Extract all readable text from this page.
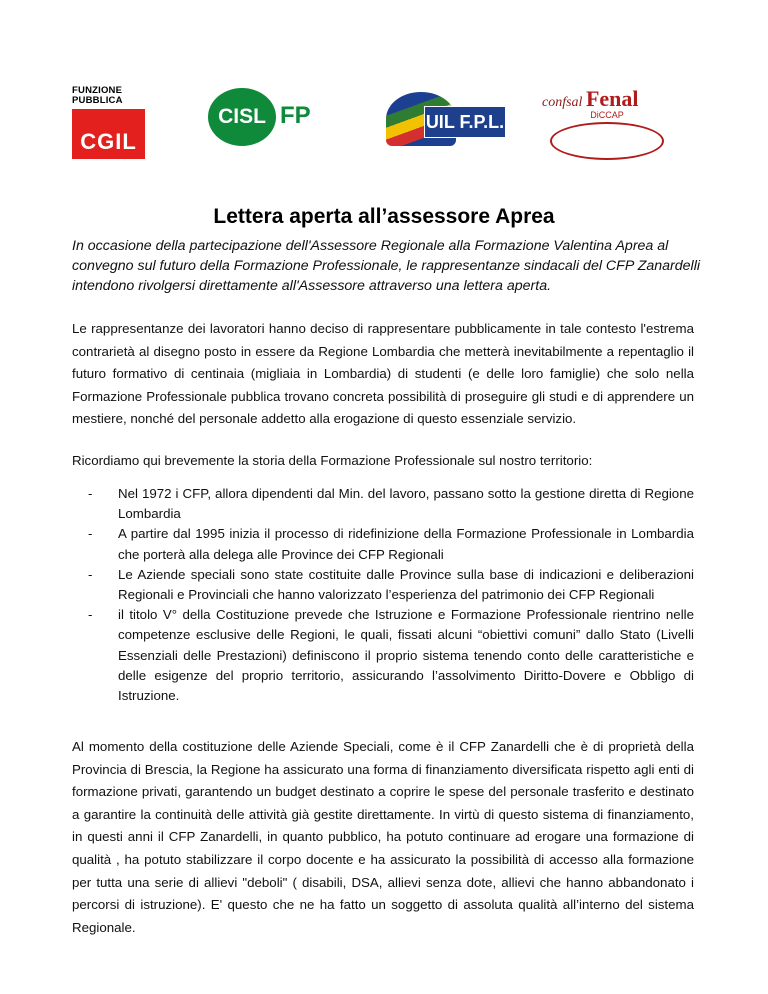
FUNZIONE
PUBBLICA
CGIL
CISL FP	UIL F.P.L.
confsal Fenal
DiCCAP
Lettera aperta all’assessore Aprea
In occasione della partecipazione dell'Assessore Regionale alla Formazione Valentina Aprea al convegno sul futuro della Formazione Professionale, le rappresentanze sindacali del CFP Zanardelli intendono rivolgersi direttamente all'Assessore attraverso una lettera aperta.
Le rappresentanze dei lavoratori hanno deciso di rappresentare pubblicamente in tale contesto l'estrema contrarietà al disegno posto in essere da Regione Lombardia che metterà inevitabilmente a repentaglio il futuro formativo di centinaia (migliaia in Lombardia) di studenti (e delle loro famiglie) che solo nella Formazione Professionale pubblica trovano concreta possibilità di proseguire gli studi e di apprendere un mestiere, nonché del personale addetto alla erogazione di questo essenziale servizio.
Ricordiamo qui brevemente la storia della Formazione Professionale sul nostro territorio:
- Nel 1972 i CFP, allora dipendenti dal Min. del lavoro, passano sotto la gestione diretta di Regione Lombardia
- A partire dal 1995 inizia il processo di ridefinizione della Formazione Professionale in Lombardia che porterà alla delega alle Province dei CFP Regionali
- Le Aziende speciali sono state costituite dalle Province sulla base di indicazioni e deliberazioni Regionali e Provinciali che hanno valorizzato l’esperienza del patrimonio dei CFP Regionali
- il titolo V° della Costituzione prevede che Istruzione e Formazione Professionale rientrino nelle competenze esclusive delle Regioni, le quali, fissati alcuni “obiettivi comuni” dallo Stato (Livelli Essenziali delle Prestazioni) definiscono il proprio sistema tenendo conto delle caratteristiche e delle esigenze del proprio territorio, assicurando l’assolvimento Diritto-Dovere e Obbligo di Istruzione.
Al momento della costituzione delle Aziende Speciali, come è il CFP Zanardelli che è di proprietà della Provincia di Brescia, la Regione ha assicurato una forma di finanziamento diversificata rispetto agli enti di formazione privati, garantendo un budget destinato a coprire le spese del personale trasferito e destinato a garantire la continuità delle attività già gestite direttamente. In virtù di questo sistema di finanziamento, in questi anni il CFP Zanardelli, in quanto pubblico, ha potuto continuare ad erogare una formazione di qualità , ha potuto stabilizzare il corpo docente e ha assicurato la possibilità di accesso alla formazione per tutta una serie di allievi "deboli" ( disabili, DSA, allievi senza dote, allievi che hanno abbandonato i percorsi di istruzione). E' questo che ne ha fatto un soggetto di assoluta qualità all’interno del sistema Regionale.
